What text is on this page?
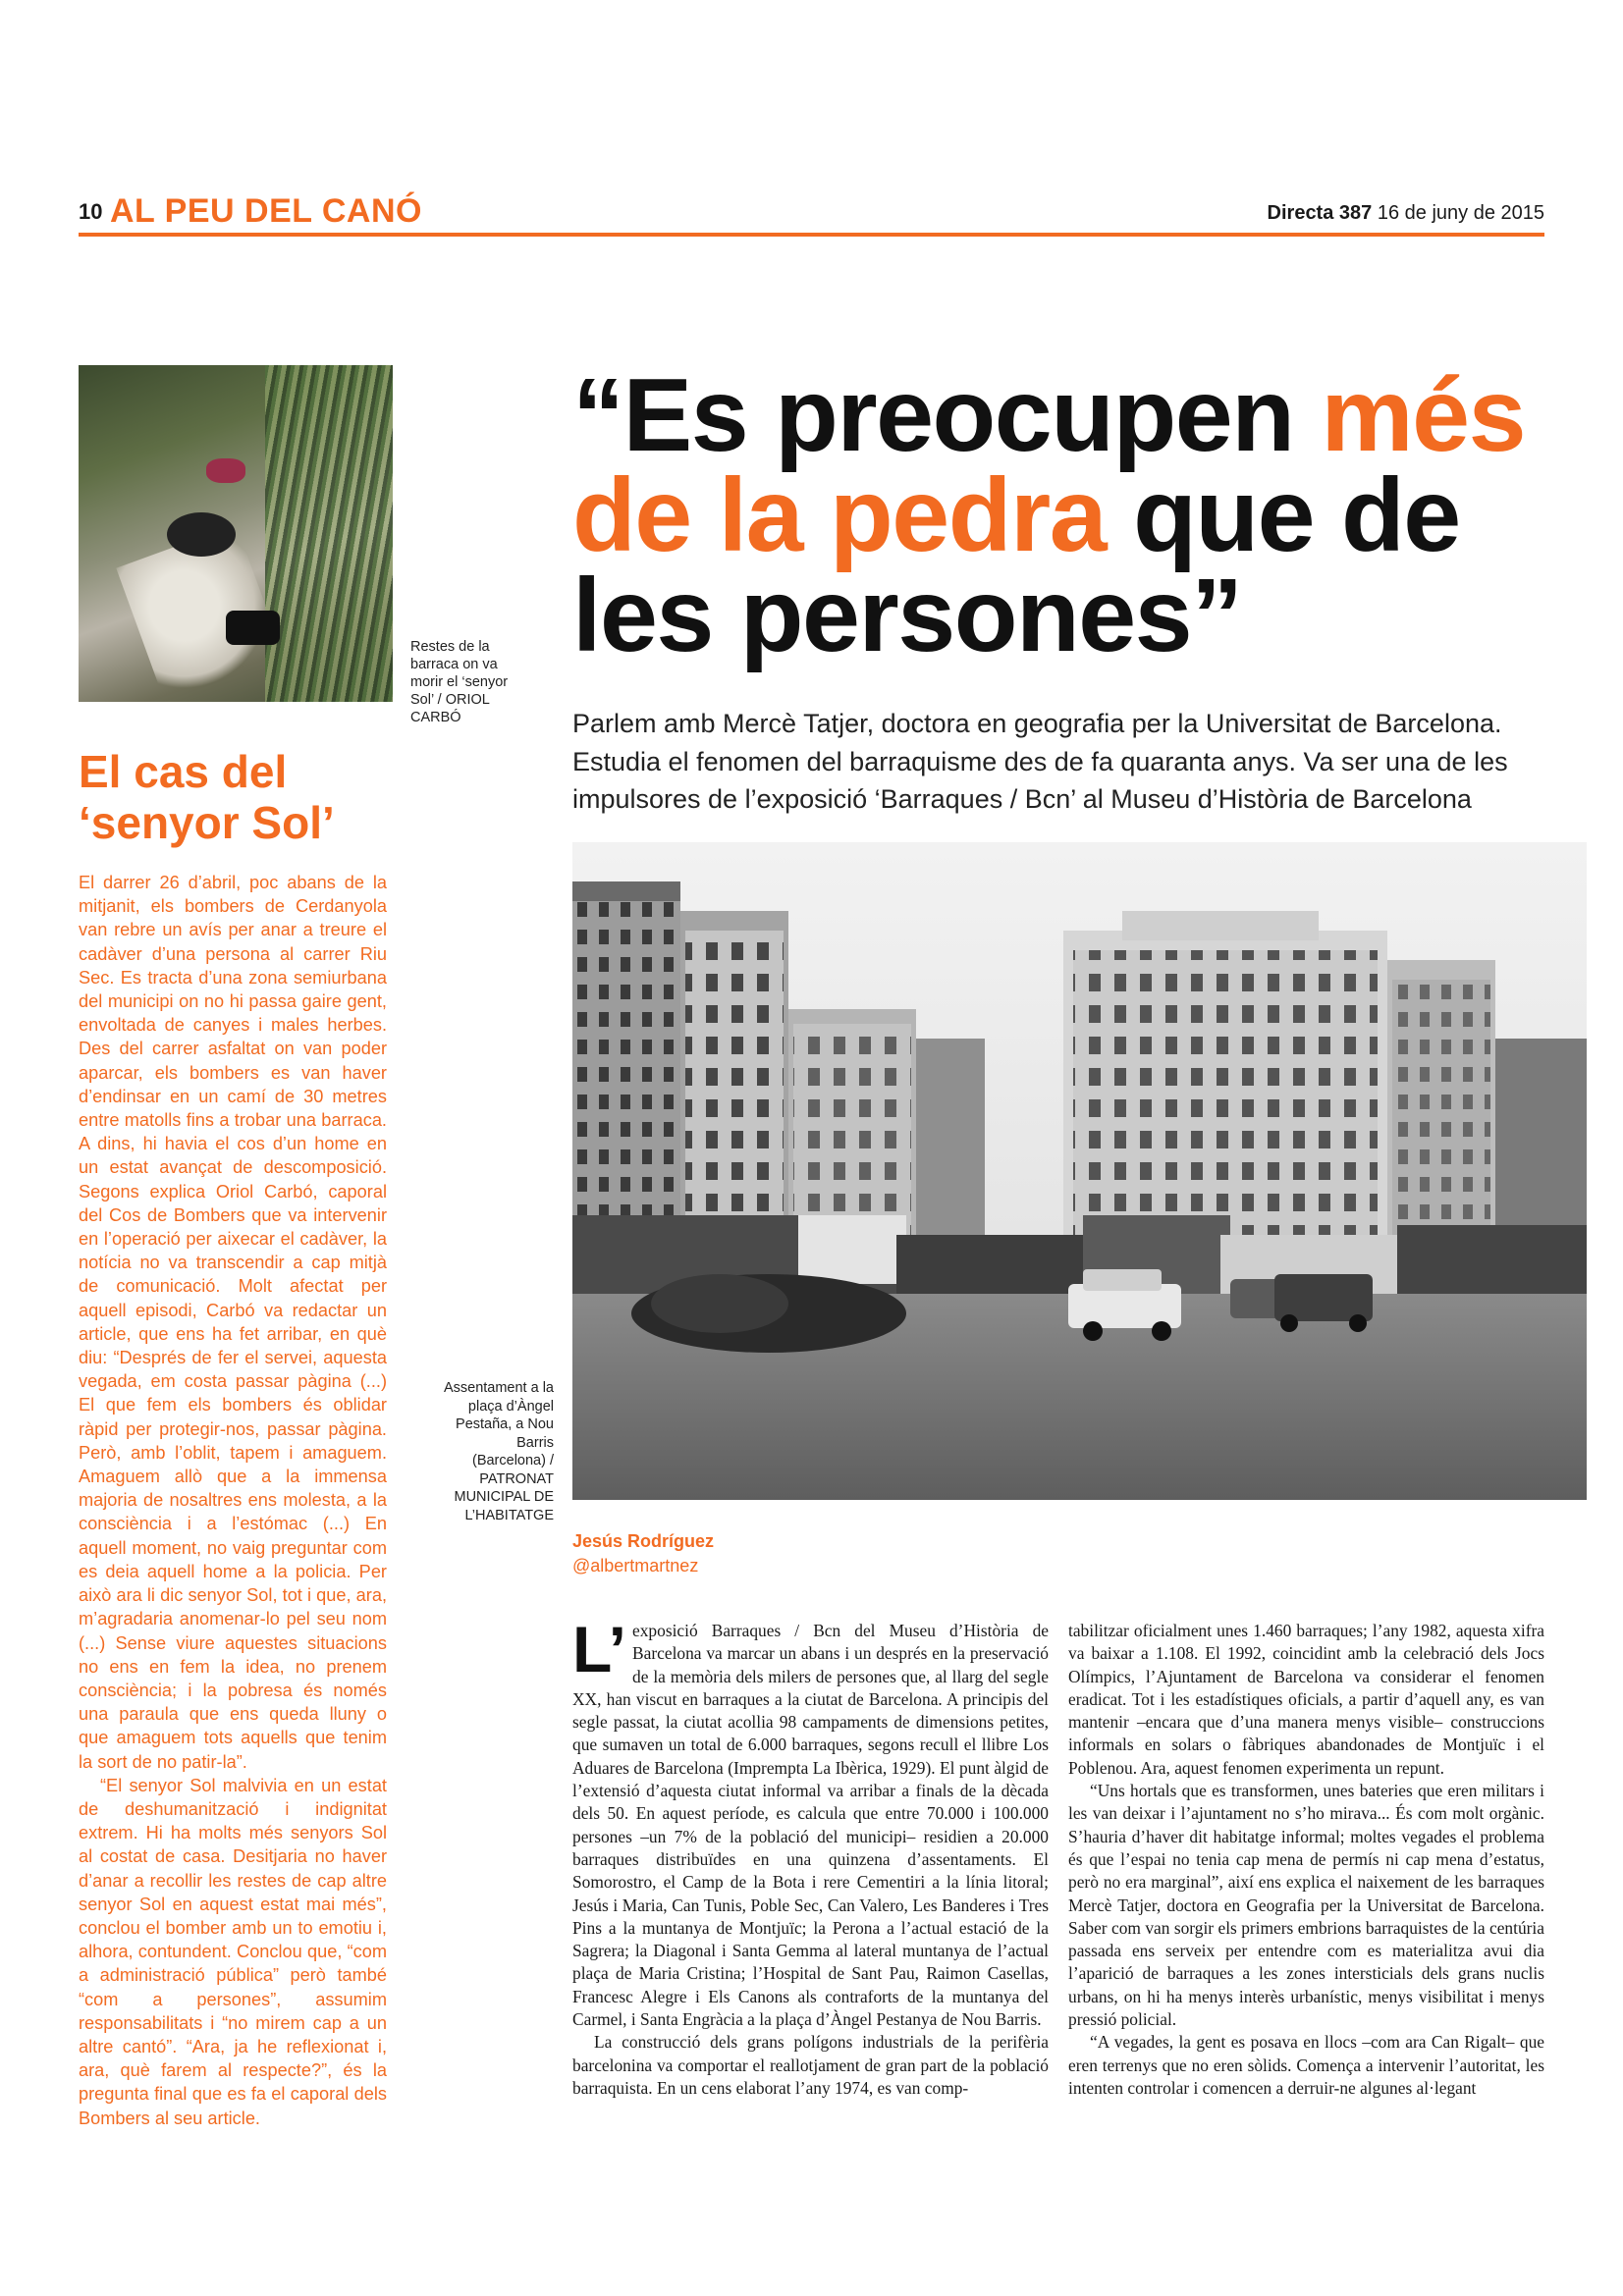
10 AL PEU DEL CANÓ	Directa 387 16 de juny de 2015
Restes de la barraca on va morir el ‘senyor Sol’ / ORIOL CARBÓ
El cas del ‘senyor Sol’

El darrer 26 d’abril, poc abans de la mitjanit, els bombers de Cerdanyola van rebre un avís per anar a treure el cadàver d’una persona al carrer Riu Sec. Es tracta d’una zona semiurbana del municipi on no hi passa gaire gent, envoltada de canyes i males herbes. Des del carrer asfaltat on van poder aparcar, els bombers es van haver d’endinsar en un camí de 30 metres entre matolls fins a trobar una barraca. A dins, hi havia el cos d’un home en un estat avançat de descomposició. Segons explica Oriol Carbó, caporal del Cos de Bombers que va intervenir en l’operació per aixecar el cadàver, la notícia no va transcendir a cap mitjà de comunicació. Molt afectat per aquell episodi, Carbó va redactar un article, que ens ha fet arribar, en què diu: “Després de fer el servei, aquesta vegada, em costa passar pàgina (...) El que fem els bombers és oblidar ràpid per protegir-nos, passar pàgina. Però, amb l’oblit, tapem i amaguem. Amaguem allò que a la immensa majoria de nosaltres ens molesta, a la consciència i a l’estómac (...) En aquell moment, no vaig preguntar com es deia aquell home a la policia. Per això ara li dic senyor Sol, tot i que, ara, m’agradaria anomenar-lo pel seu nom (...) Sense viure aquestes situacions no ens en fem la idea, no prenem consciència; i la pobresa és només una paraula que ens queda lluny o que amaguem tots aquells que tenim la sort de no patir-la”.

“El senyor Sol malvivia en un estat de deshumanització i indignitat extrem. Hi ha molts més senyors Sol al costat de casa. Desitjaria no haver d’anar a recollir les restes de cap altre senyor Sol en aquest estat mai més”, conclou el bomber amb un to emotiu i, alhora, contundent. Conclou que, “com a administració pública” però també “com a persones”, assumim responsabilitats i “no mirem cap a un altre cantó”. “Ara, ja he reflexionat i, ara, què farem al respecte?”, és la pregunta final que es fa el caporal dels Bombers al seu article.

“Es preocupen més de la pedra que de les persones”
Parlem amb Mercè Tatjer, doctora en geografia per la Universitat de Barcelona. Estudia el fenomen del barraquisme des de fa quaranta anys. Va ser una de les impulsores de l’exposició ‘Barraques / Bcn’ al Museu d’Història de Barcelona
Assentament a la plaça d’Àngel Pestaña, a Nou Barris (Barcelona) / PATRONAT MUNICIPAL DE L’HABITATGE
Jesús Rodríguez
@albertmartnez

L’ exposició Barraques / Bcn del Museu d’Història de Barcelona va marcar un abans i un després en la preservació de la memòria dels milers de persones que, al llarg del segle XX, han viscut en barraques a la ciutat de Barcelona. A principis del segle passat, la ciutat acollia 98 campaments de dimensions petites, que sumaven un total de 6.000 barraques, segons recull el llibre Los Aduares de Barcelona (Imprempta La Ibèrica, 1929). El punt àlgid de l’extensió d’aquesta ciutat informal va arribar a finals de la dècada dels 50. En aquest període, es calcula que entre 70.000 i 100.000 persones –un 7% de la població del municipi– residien a 20.000 barraques distribuïdes en una quinzena d’assentaments. El Somorostro, el Camp de la Bota i rere Cementiri a la línia litoral; Jesús i Maria, Can Tunis, Poble Sec, Can Valero, Les Banderes i Tres Pins a la muntanya de Montjuïc; la Perona a l’actual estació de la Sagrera; la Diagonal i Santa Gemma al lateral muntanya de l’actual plaça de Maria Cristina; l’Hospital de Sant Pau, Raimon Casellas, Francesc Alegre i Els Canons als contraforts de la muntanya del Carmel, i Santa Engràcia a la plaça d’Àngel Pestanya de Nou Barris.

La construcció dels grans polígons industrials de la perifèria barcelonina va comportar el reallotjament de gran part de la població barraquista. En un cens elaborat l’any 1974, es van comp-

tabilitzar oficialment unes 1.460 barraques; l’any 1982, aquesta xifra va baixar a 1.108. El 1992, coincidint amb la celebració dels Jocs Olímpics, l’Ajuntament de Barcelona va considerar el fenomen eradicat. Tot i les estadístiques oficials, a partir d’aquell any, es van mantenir –encara que d’una manera menys visible– construccions informals en solars o fàbriques abandonades de Montjuïc i el Poblenou. Ara, aquest fenomen experimenta un repunt.

“Uns hortals que es transformen, unes bateries que eren militars i les van deixar i l’ajuntament no s’ho mirava... És com molt orgànic. S’hauria d’haver dit habitatge informal; moltes vegades el problema és que l’espai no tenia cap mena de permís ni cap mena d’estatus, però no era marginal”, així ens explica el naixement de les barraques Mercè Tatjer, doctora en Geografia per la Universitat de Barcelona. Saber com van sorgir els primers embrions barraquistes de la centúria passada ens serveix per entendre com es materialitza avui dia l’aparició de barraques a les zones intersticials dels grans nuclis urbans, on hi ha menys interès urbanístic, menys visibilitat i menys pressió policial.

“A vegades, la gent es posava en llocs –com ara Can Rigalt– que eren terrenys que no eren sòlids. Comença a intervenir l’autoritat, les intenten controlar i comencen a derruir-ne algunes al·legant
